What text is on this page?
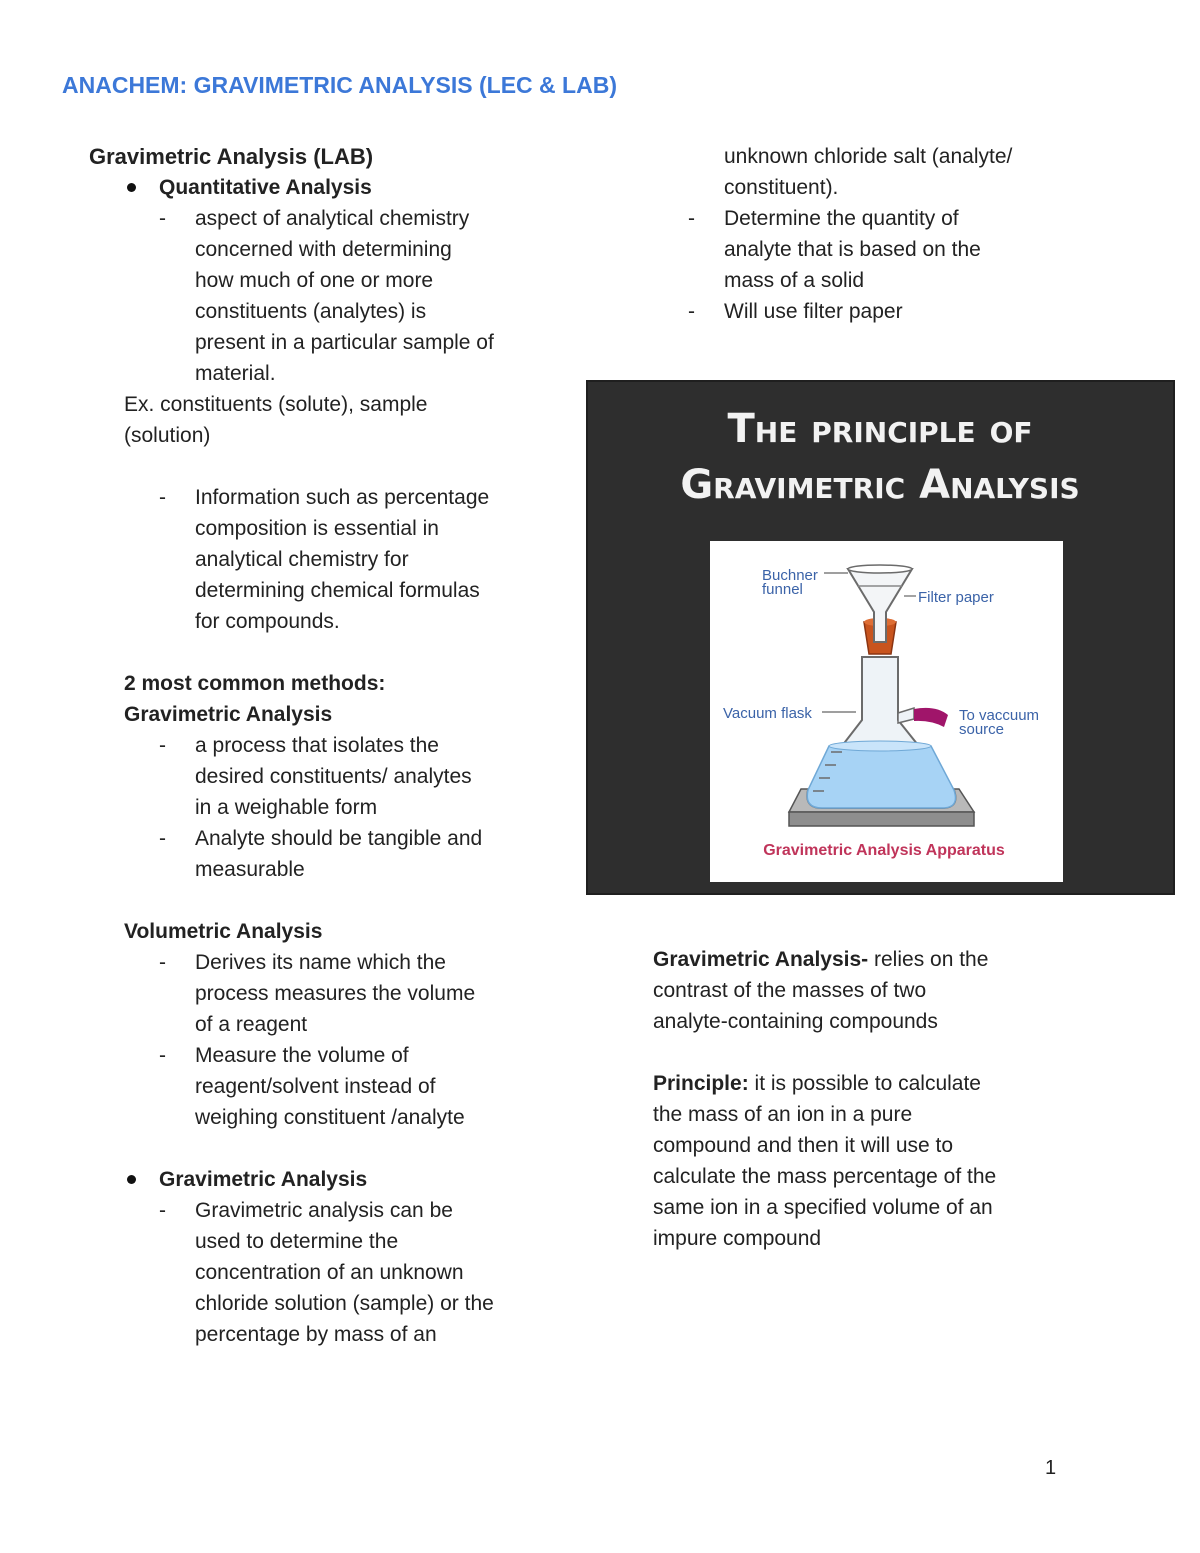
ANACHEM: GRAVIMETRIC ANALYSIS (LEC & LAB)
Gravimetric Analysis (LAB)
Quantitative Analysis
- aspect of analytical chemistry

concerned with determining

how much of one or more

constituents (analytes) is

present in a particular sample of

material.

Ex. constituents (solute), sample

(solution)

- Information such as percentage

composition is essential in

analytical chemistry for

determining chemical formulas

for compounds.

2 most common methods:

Gravimetric Analysis

- a process that isolates the

desired constituents/ analytes

in a weighable form

- Analyte should be tangible and

measurable

Volumetric Analysis

- Derives its name which the

process measures the volume

of a reagent

- Measure the volume of

reagent/solvent instead of

weighing constituent /analyte

Gravimetric Analysis
- Gravimetric analysis can be

used to determine the

concentration of an unknown

chloride solution (sample) or the

percentage by mass of an

unknown chloride salt (analyte/

constituent).

- Determine the quantity of

analyte that is based on the

mass of a solid

- Will use filter paper

The principle of
Gravimetric Analysis
Buchner
funnel	Filter paper
Vacuum flask	To vaccuum
source
Gravimetric Analysis Apparatus

Gravimetric Analysis- relies on the

contrast of the masses of two

analyte-containing compounds

Principle: it is possible to calculate

the mass of an ion in a pure

compound and then it will use to

calculate the mass percentage of the

same ion in a specified volume of an

impure compound

1
